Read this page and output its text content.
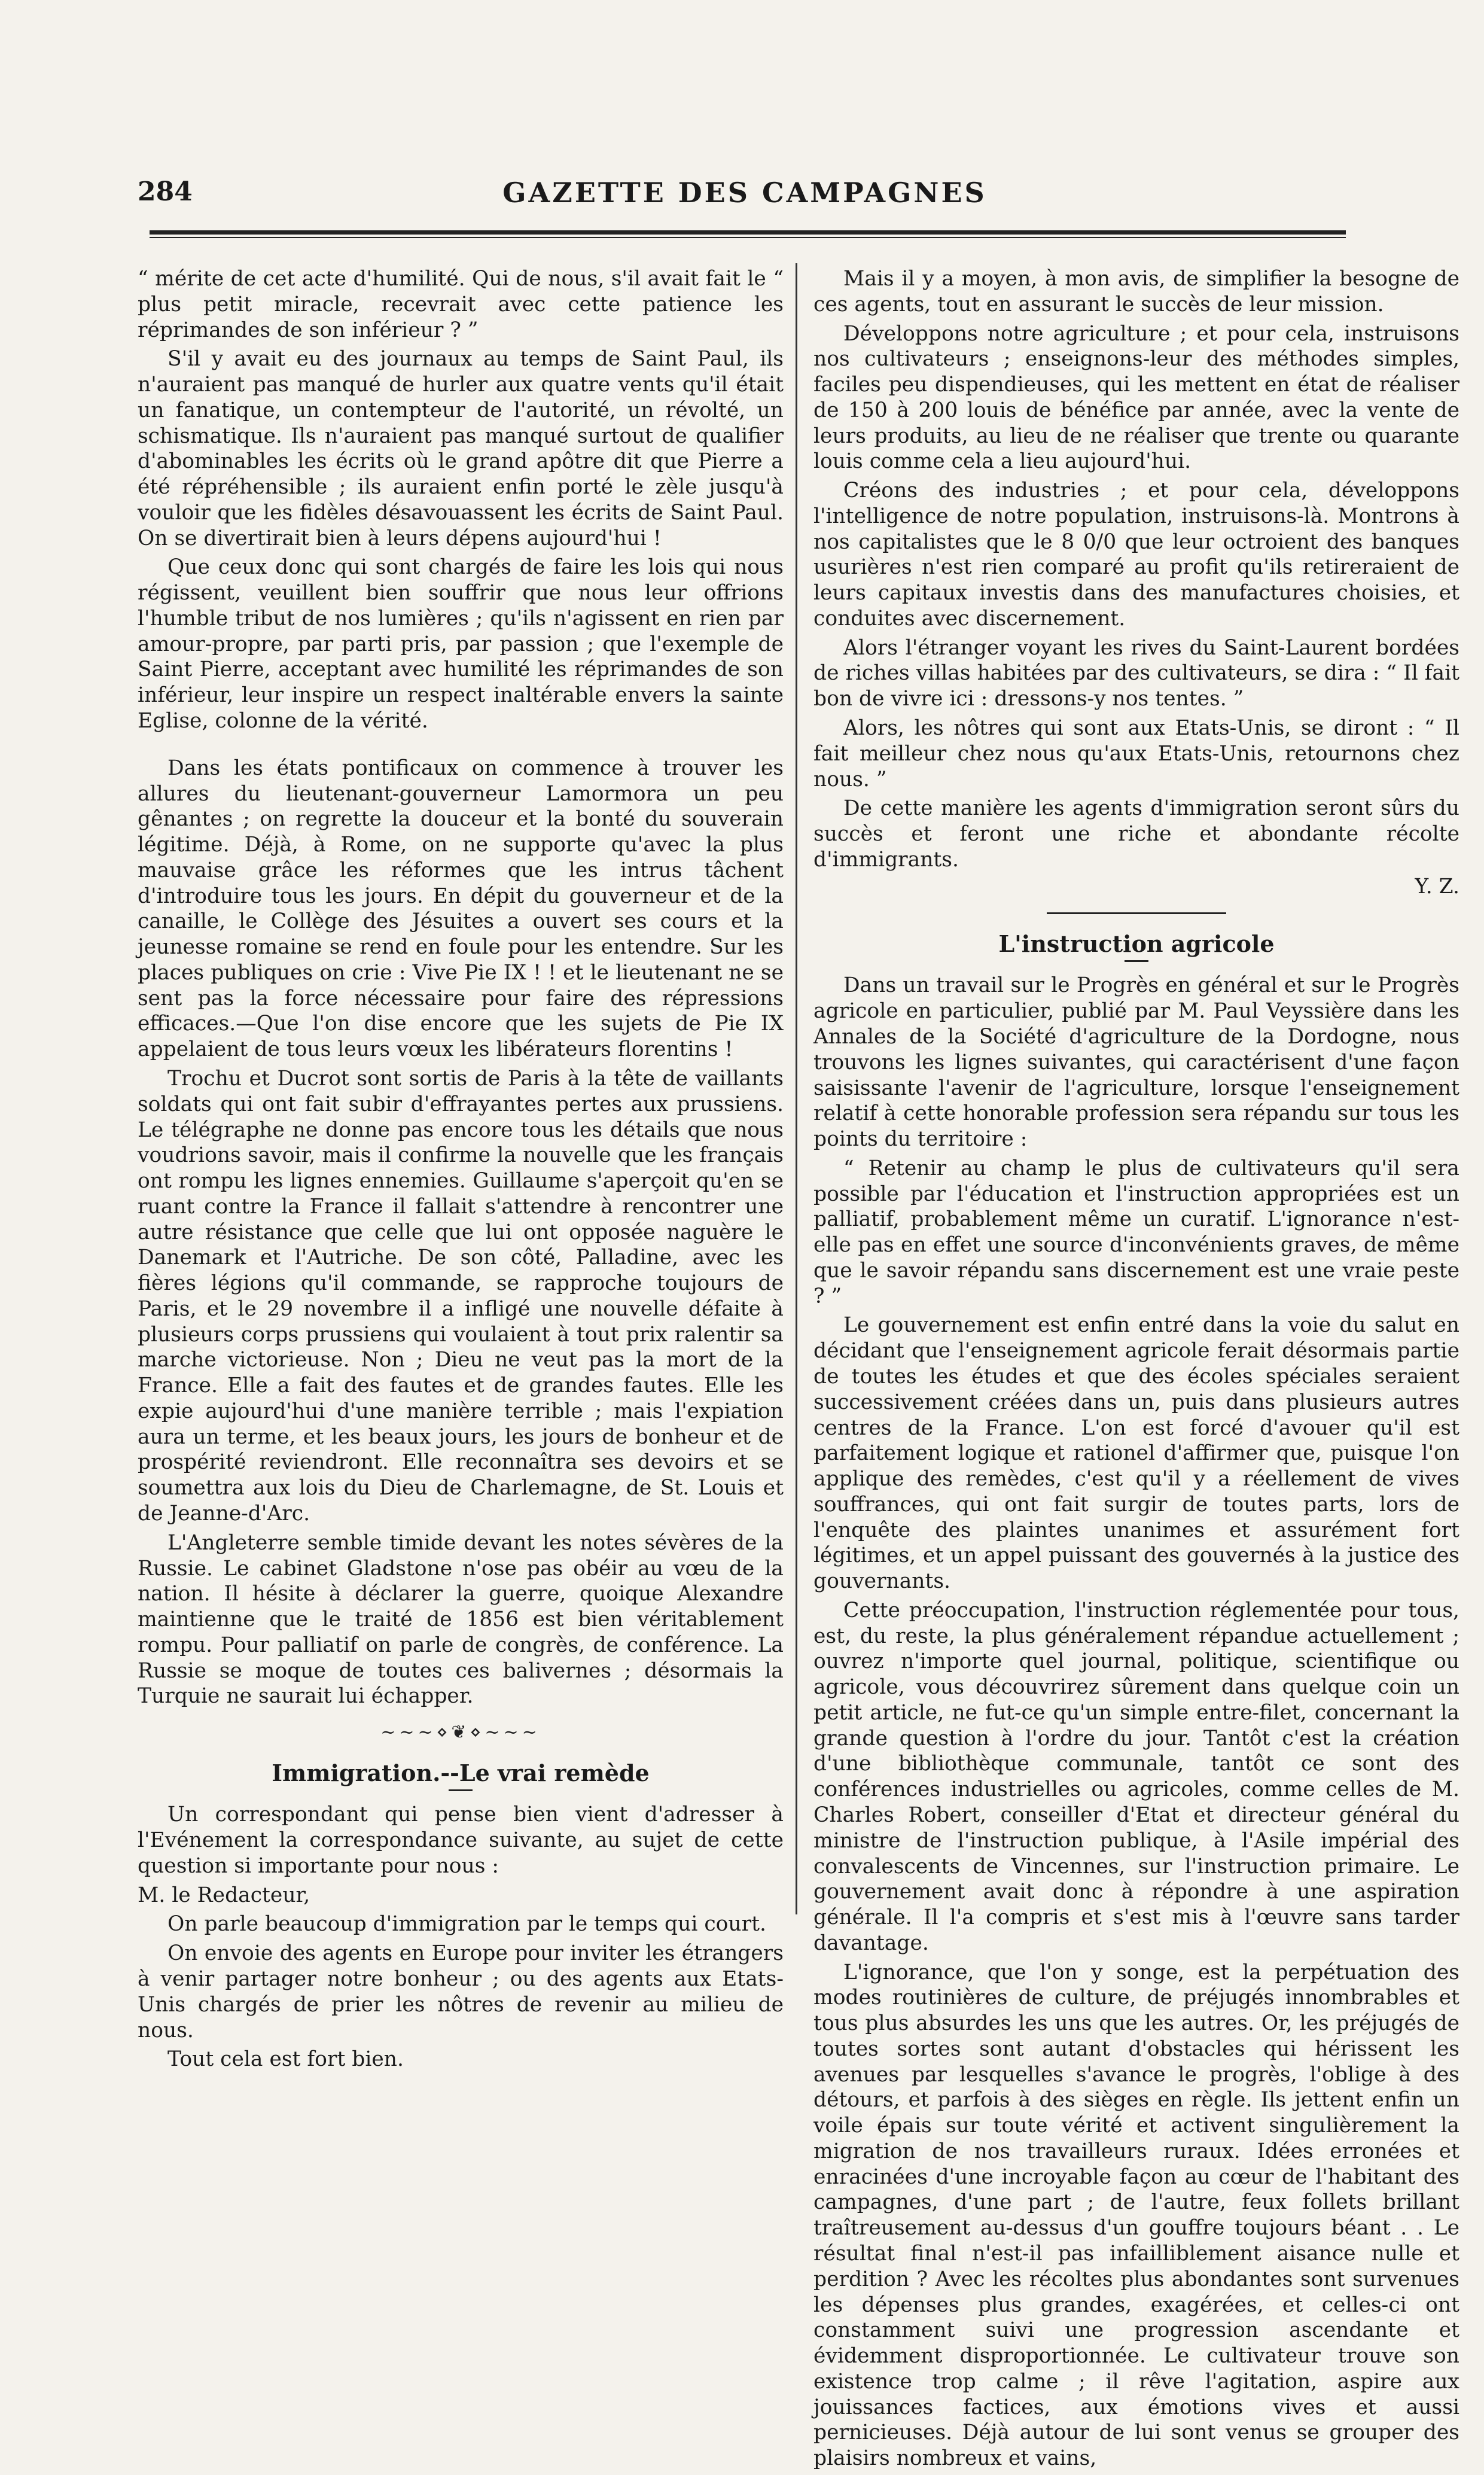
284	GAZETTE DES CAMPAGNES

“ mérite de cet acte d'humilité. Qui de nous, s'il avait fait le “ plus petit miracle, recevrait avec cette patience les réprimandes de son inférieur ? ”

S'il y avait eu des journaux au temps de Saint Paul, ils n'auraient pas manqué de hurler aux quatre vents qu'il était un fanatique, un contempteur de l'autorité, un révolté, un schismatique. Ils n'auraient pas manqué surtout de qualifier d'abominables les écrits où le grand apôtre dit que Pierre a été répréhensible ; ils auraient enfin porté le zèle jusqu'à vouloir que les fidèles désavouassent les écrits de Saint Paul. On se divertirait bien à leurs dépens aujourd'hui !

Que ceux donc qui sont chargés de faire les lois qui nous régissent, veuillent bien souffrir que nous leur offrions l'humble tribut de nos lumières ; qu'ils n'agissent en rien par amour-propre, par parti pris, par passion ; que l'exemple de Saint Pierre, acceptant avec humilité les réprimandes de son inférieur, leur inspire un respect inaltérable envers la sainte Eglise, colonne de la vérité.

Dans les états pontificaux on commence à trouver les allures du lieutenant-gouverneur Lamormora un peu gênantes ; on regrette la douceur et la bonté du souverain légitime. Déjà, à Rome, on ne supporte qu'avec la plus mauvaise grâce les réformes que les intrus tâchent d'introduire tous les jours. En dépit du gouverneur et de la canaille, le Collège des Jésuites a ouvert ses cours et la jeunesse romaine se rend en foule pour les entendre. Sur les places publiques on crie : Vive Pie IX ! ! et le lieutenant ne se sent pas la force nécessaire pour faire des répressions efficaces.—Que l'on dise encore que les sujets de Pie IX appelaient de tous leurs vœux les libérateurs florentins !

Trochu et Ducrot sont sortis de Paris à la tête de vaillants soldats qui ont fait subir d'effrayantes pertes aux prussiens. Le télégraphe ne donne pas encore tous les détails que nous voudrions savoir, mais il confirme la nouvelle que les français ont rompu les lignes ennemies. Guillaume s'aperçoit qu'en se ruant contre la France il fallait s'attendre à rencontrer une autre résistance que celle que lui ont opposée naguère le Danemark et l'Autriche. De son côté, Palladine, avec les fières légions qu'il commande, se rapproche toujours de Paris, et le 29 novembre il a infligé une nouvelle défaite à plusieurs corps prussiens qui voulaient à tout prix ralentir sa marche victorieuse. Non ; Dieu ne veut pas la mort de la France. Elle a fait des fautes et de grandes fautes. Elle les expie aujourd'hui d'une manière terrible ; mais l'expiation aura un terme, et les beaux jours, les jours de bonheur et de prospérité reviendront. Elle reconnaîtra ses devoirs et se soumettra aux lois du Dieu de Charlemagne, de St. Louis et de Jeanne-d'Arc.

L'Angleterre semble timide devant les notes sévères de la Russie. Le cabinet Gladstone n'ose pas obéir au vœu de la nation. Il hésite à déclarer la guerre, quoique Alexandre maintienne que le traité de 1856 est bien véritablement rompu. Pour palliatif on parle de congrès, de conférence. La Russie se moque de toutes ces balivernes ; désormais la Turquie ne saurait lui échapper.

~~~⋄❦⋄~~~
Immigration.--Le vrai remède

Un correspondant qui pense bien vient d'adresser à l'Evénement la correspondance suivante, au sujet de cette question si importante pour nous :

M. le Redacteur,

On parle beaucoup d'immigration par le temps qui court.

On envoie des agents en Europe pour inviter les étrangers à venir partager notre bonheur ; ou des agents aux Etats-Unis chargés de prier les nôtres de revenir au milieu de nous.

Tout cela est fort bien.

Mais il y a moyen, à mon avis, de simplifier la besogne de ces agents, tout en assurant le succès de leur mission.

Développons notre agriculture ; et pour cela, instruisons nos cultivateurs ; enseignons-leur des méthodes simples, faciles peu dispendieuses, qui les mettent en état de réaliser de 150 à 200 louis de bénéfice par année, avec la vente de leurs produits, au lieu de ne réaliser que trente ou quarante louis comme cela a lieu aujourd'hui.

Créons des industries ; et pour cela, développons l'intelligence de notre population, instruisons-là. Montrons à nos capitalistes que le 8 0/0 que leur octroient des banques usurières n'est rien comparé au profit qu'ils retireraient de leurs capitaux investis dans des manufactures choisies, et conduites avec discernement.

Alors l'étranger voyant les rives du Saint-Laurent bordées de riches villas habitées par des cultivateurs, se dira : “ Il fait bon de vivre ici : dressons-y nos tentes. ”

Alors, les nôtres qui sont aux Etats-Unis, se diront : “ Il fait meilleur chez nous qu'aux Etats-Unis, retournons chez nous. ”

De cette manière les agents d'immigration seront sûrs du succès et feront une riche et abondante récolte d'immigrants.

Y. Z.

L'instruction agricole

Dans un travail sur le Progrès en général et sur le Progrès agricole en particulier, publié par M. Paul Veyssière dans les Annales de la Société d'agriculture de la Dordogne, nous trouvons les lignes suivantes, qui caractérisent d'une façon saisissante l'avenir de l'agriculture, lorsque l'enseignement relatif à cette honorable profession sera répandu sur tous les points du territoire :

“ Retenir au champ le plus de cultivateurs qu'il sera possible par l'éducation et l'instruction appropriées est un palliatif, probablement même un curatif. L'ignorance n'est-elle pas en effet une source d'inconvénients graves, de même que le savoir répandu sans discernement est une vraie peste ? ”

Le gouvernement est enfin entré dans la voie du salut en décidant que l'enseignement agricole ferait désormais partie de toutes les études et que des écoles spéciales seraient successivement créées dans un, puis dans plusieurs autres centres de la France. L'on est forcé d'avouer qu'il est parfaitement logique et rationel d'affirmer que, puisque l'on applique des remèdes, c'est qu'il y a réellement de vives souffrances, qui ont fait surgir de toutes parts, lors de l'enquête des plaintes unanimes et assurément fort légitimes, et un appel puissant des gouvernés à la justice des gouvernants.

Cette préoccupation, l'instruction réglementée pour tous, est, du reste, la plus généralement répandue actuellement ; ouvrez n'importe quel journal, politique, scientifique ou agricole, vous découvrirez sûrement dans quelque coin un petit article, ne fut-ce qu'un simple entre-filet, concernant la grande question à l'ordre du jour. Tantôt c'est la création d'une bibliothèque communale, tantôt ce sont des conférences industrielles ou agricoles, comme celles de M. Charles Robert, conseiller d'Etat et directeur général du ministre de l'instruction publique, à l'Asile impérial des convalescents de Vincennes, sur l'instruction primaire. Le gouvernement avait donc à répondre à une aspiration générale. Il l'a compris et s'est mis à l'œuvre sans tarder davantage.

L'ignorance, que l'on y songe, est la perpétuation des modes routinières de culture, de préjugés innombrables et tous plus absurdes les uns que les autres. Or, les préjugés de toutes sortes sont autant d'obstacles qui hérissent les avenues par lesquelles s'avance le progrès, l'oblige à des détours, et parfois à des sièges en règle. Ils jettent enfin un voile épais sur toute vérité et activent singulièrement la migration de nos travailleurs ruraux. Idées erronées et enracinées d'une incroyable façon au cœur de l'habitant des campagnes, d'une part ; de l'autre, feux follets brillant traîtreusement au-dessus d'un gouffre toujours béant . . Le résultat final n'est-il pas infailliblement aisance nulle et perdition ? Avec les récoltes plus abondantes sont survenues les dépenses plus grandes, exagérées, et celles-ci ont constamment suivi une progression ascendante et évidemment disproportionnée. Le cultivateur trouve son existence trop calme ; il rêve l'agitation, aspire aux jouissances factices, aux émotions vives et aussi pernicieuses. Déjà autour de lui sont venus se grouper des plaisirs nombreux et vains,
